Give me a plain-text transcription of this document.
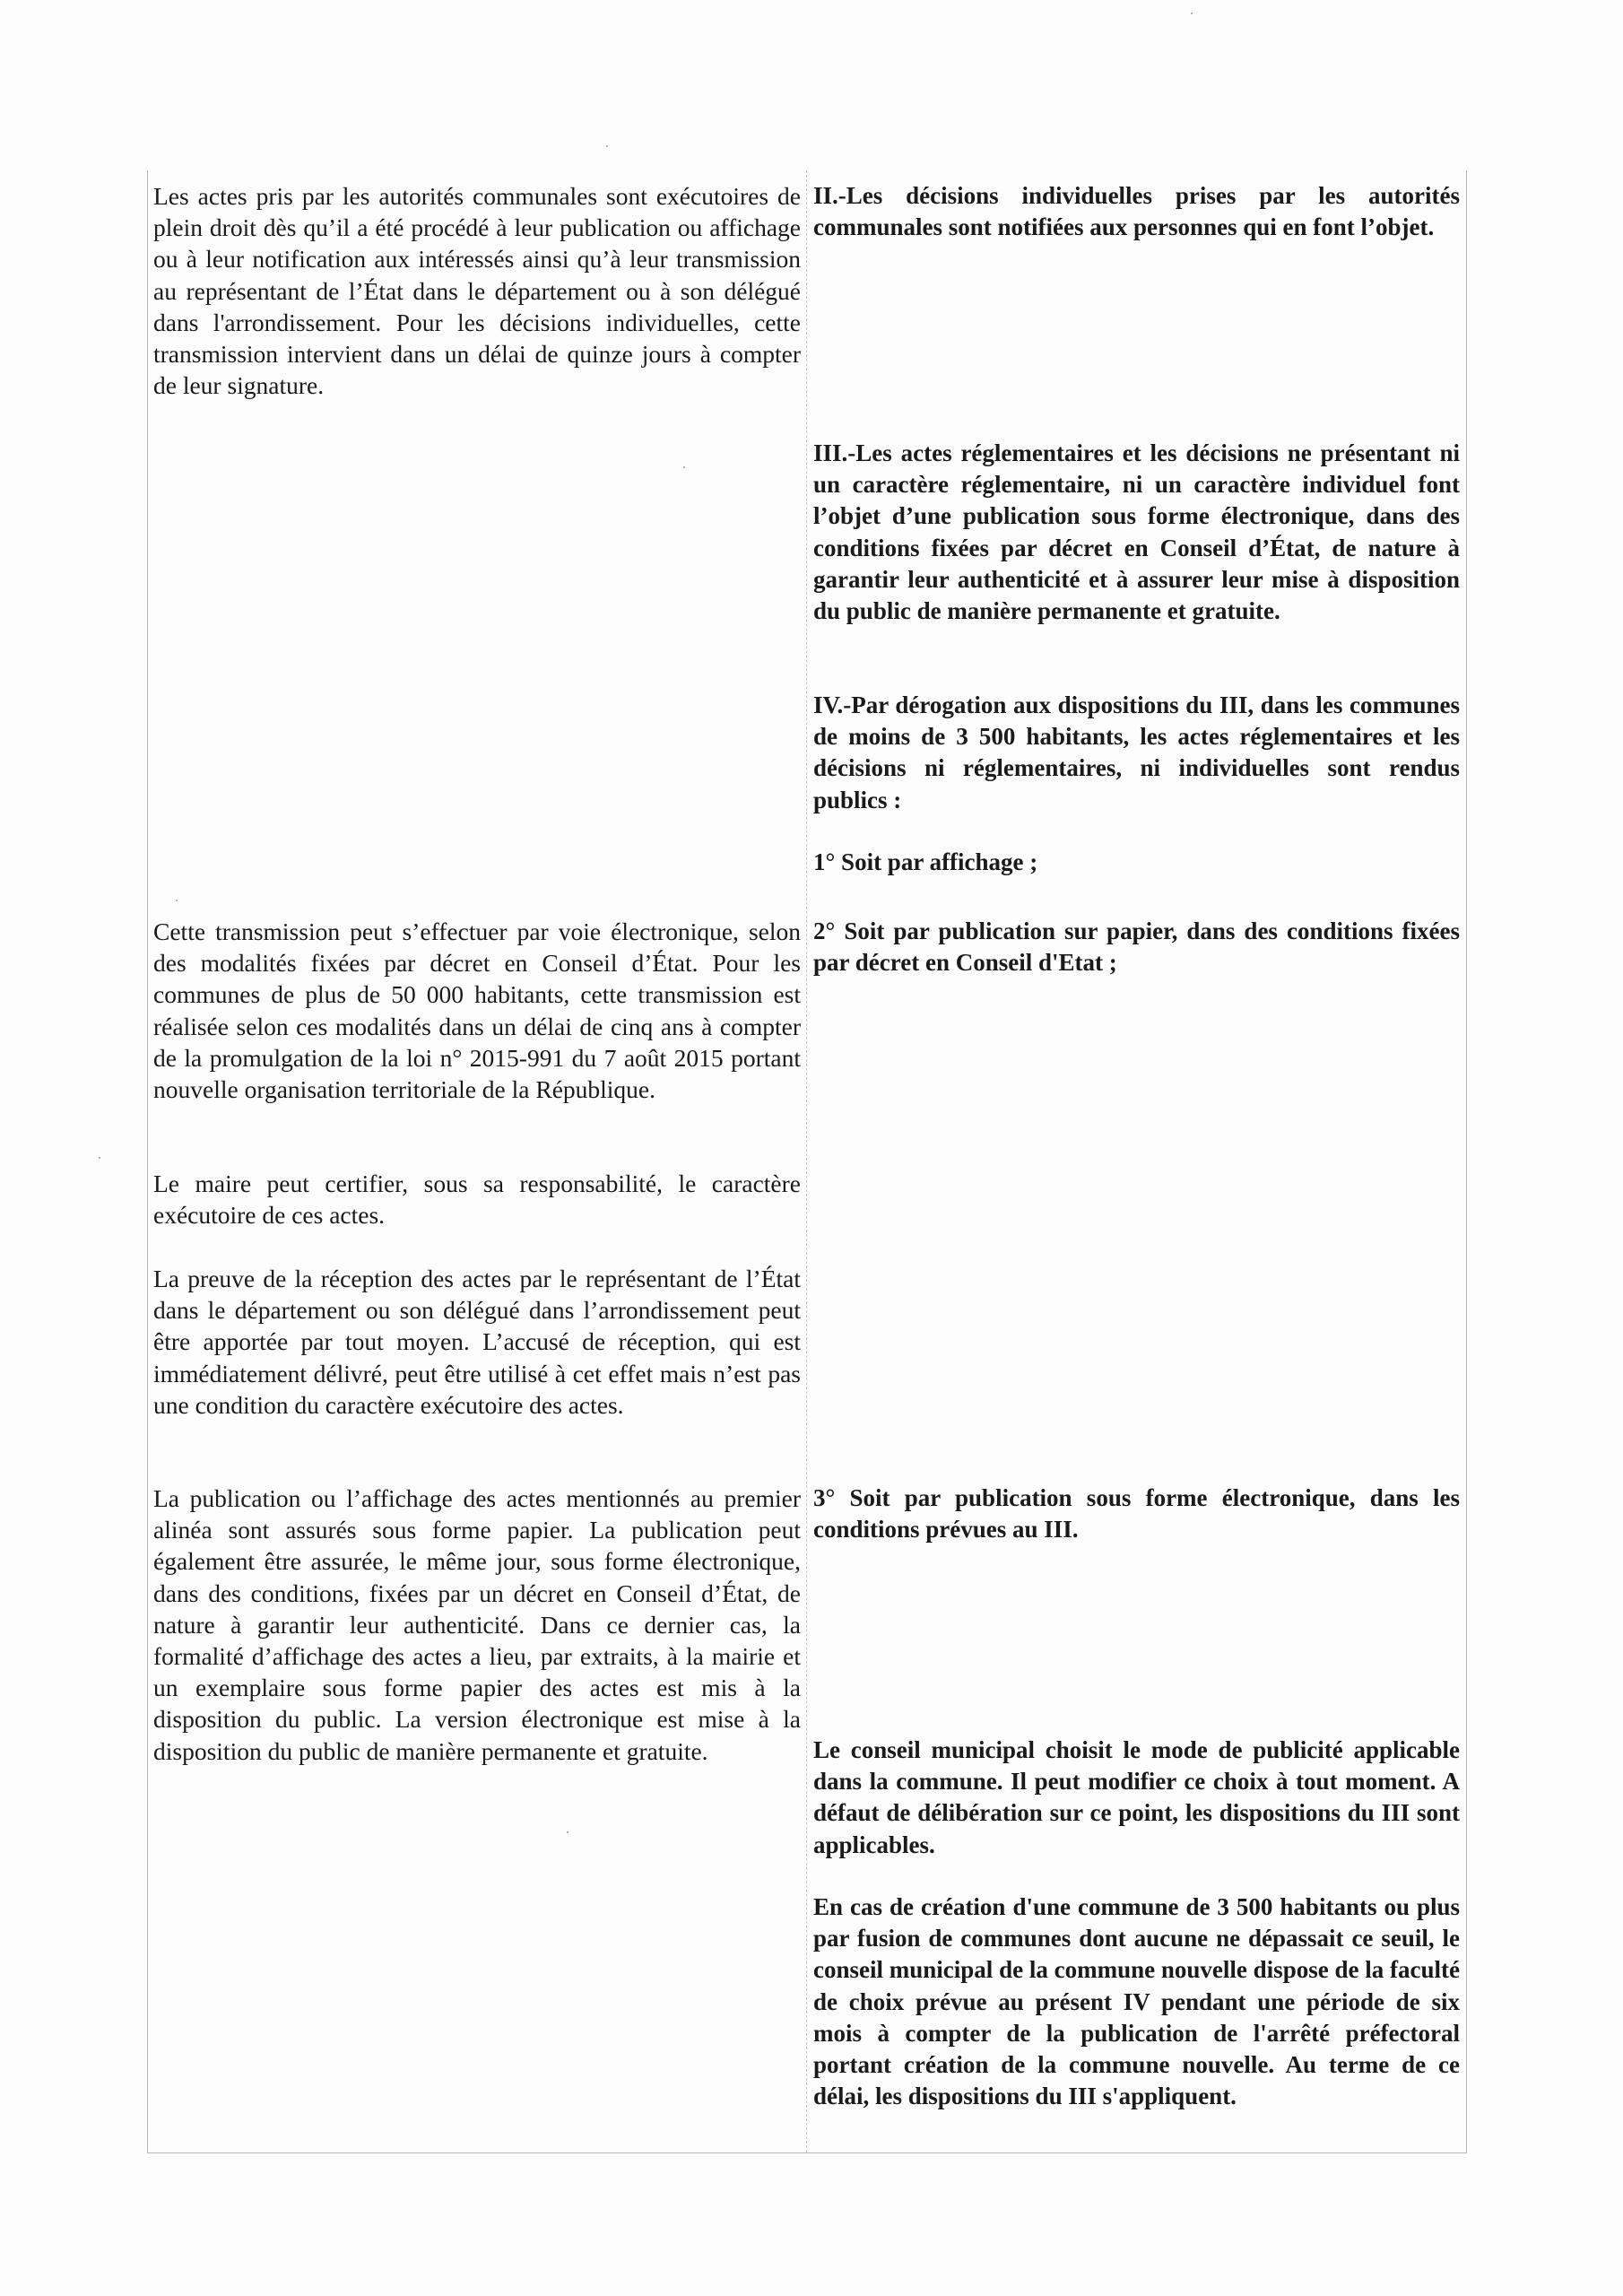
Les actes pris par les autorités communales sont exécutoires de plein droit dès qu’il a été procédé à leur publication ou affichage ou à leur notification aux intéressés ainsi qu’à leur transmission au représentant de l’État dans le département ou à son délégué dans l'arrondissement. Pour les décisions individuelles, cette transmission intervient dans un délai de quinze jours à compter de leur signature.

Cette transmission peut s’effectuer par voie électronique, selon des modalités fixées par décret en Conseil d’État. Pour les communes de plus de 50 000 habitants, cette transmission est réalisée selon ces modalités dans un délai de cinq ans à compter de la promulgation de la loi n° 2015-991 du 7 août 2015 portant nouvelle organisation territoriale de la République.

Le maire peut certifier, sous sa responsabilité, le caractère exécutoire de ces actes.

La preuve de la réception des actes par le représentant de l’État dans le département ou son délégué dans l’arrondissement peut être apportée par tout moyen. L’accusé de réception, qui est immédiatement délivré, peut être utilisé à cet effet mais n’est pas une condition du caractère exécutoire des actes.

La publication ou l’affichage des actes mentionnés au premier alinéa sont assurés sous forme papier. La publication peut également être assurée, le même jour, sous forme électronique, dans des conditions, fixées par un décret en Conseil d’État, de nature à garantir leur authenticité. Dans ce dernier cas, la formalité d’affichage des actes a lieu, par extraits, à la mairie et un exemplaire sous forme papier des actes est mis à la disposition du public. La version électronique est mise à la disposition du public de manière permanente et gratuite.

II.-Les décisions individuelles prises par les autorités communales sont notifiées aux personnes qui en font l’objet.

III.-Les actes réglementaires et les décisions ne présentant ni un caractère réglementaire, ni un caractère individuel font l’objet d’une publication sous forme électronique, dans des conditions fixées par décret en Conseil d’État, de nature à garantir leur authenticité et à assurer leur mise à disposition du public de manière permanente et gratuite.

IV.-Par dérogation aux dispositions du III, dans les communes de moins de 3 500 habitants, les actes réglementaires et les décisions ni réglementaires, ni individuelles sont rendus publics :

1° Soit par affichage ;

2° Soit par publication sur papier, dans des conditions fixées par décret en Conseil d'Etat ;

3° Soit par publication sous forme électronique, dans les conditions prévues au III.

Le conseil municipal choisit le mode de publicité applicable dans la commune. Il peut modifier ce choix à tout moment. A défaut de délibération sur ce point, les dispositions du III sont applicables.

En cas de création d'une commune de 3 500 habitants ou plus par fusion de communes dont aucune ne dépassait ce seuil, le conseil municipal de la commune nouvelle dispose de la faculté de choix prévue au présent IV pendant une période de six mois à compter de la publication de l'arrêté préfectoral portant création de la commune nouvelle. Au terme de ce délai, les dispositions du III s'appliquent.
